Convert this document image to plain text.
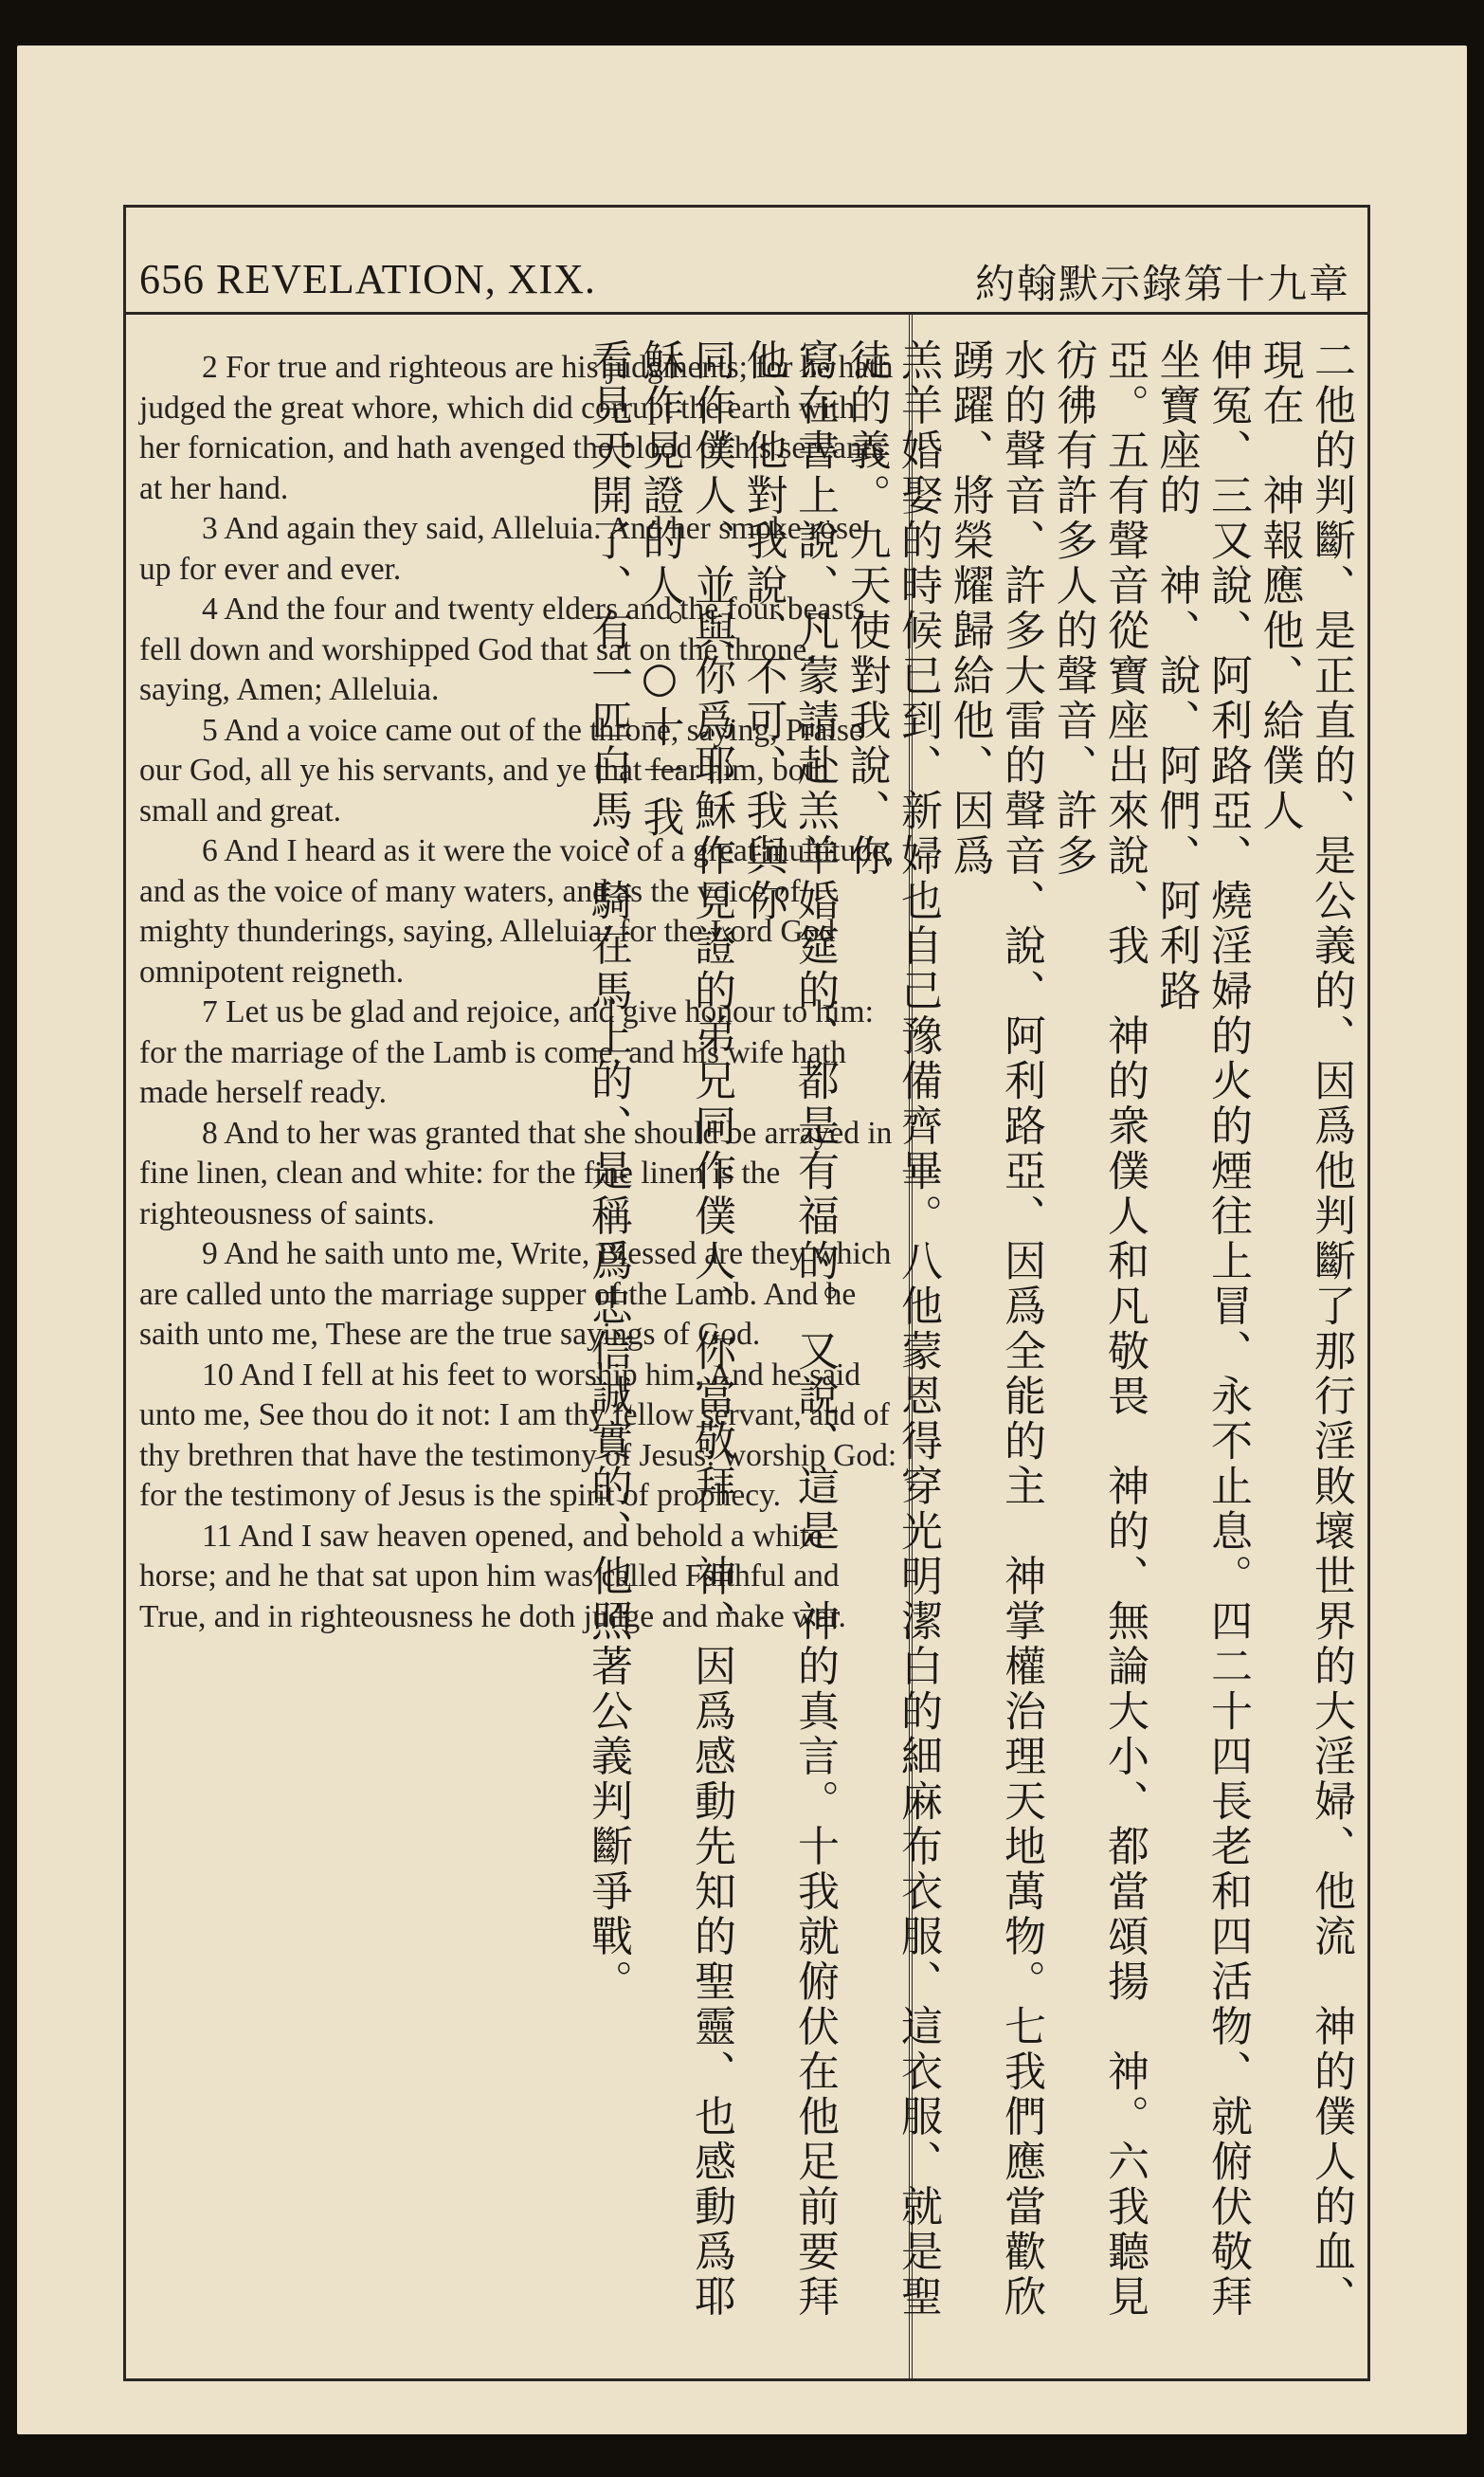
656 REVELATION, XIX.	約翰默示錄第十九章

2 For true and righteous are his judgments; for he hath judged the great whore, which did corrupt the earth with her fornication, and hath avenged the blood of his servants at her hand.

3 And again they said, Alleluia. And her smoke rose up for ever and ever.

4 And the four and twenty elders and the four beasts fell down and worshipped God that sat on the throne, saying, Amen; Alleluia.

5 And a voice came out of the throne, saying, Praise our God, all ye his servants, and ye that fear him, both small and great.

6 And I heard as it were the voice of a great multitude, and as the voice of many waters, and as the voice of mighty thunderings, saying, Alleluia: for the Lord God omnipotent reigneth.

7 Let us be glad and rejoice, and give honour to him: for the marriage of the Lamb is come, and his wife hath made herself ready.

8 And to her was granted that she should be arrayed in fine linen, clean and white: for the fine linen is the righteousness of saints.

9 And he saith unto me, Write, Blessed are they which are called unto the marriage supper of the Lamb. And he saith unto me, These are the true sayings of God.

10 And I fell at his feet to worship him. And he said unto me, See thou do it not: I am thy fellow servant, and of thy brethren that have the testimony of Jesus: worship God: for the testimony of Jesus is the spirit of prophecy.

11 And I saw heaven opened, and behold a white horse; and he that sat upon him was called Faithful and True, and in righteousness he doth judge and make war.	二他的判斷、是正直的、是公義的、因爲他判斷了那行淫敗壞世界的大淫婦、他流　神的僕人的血、現在　神報應他、給僕人
伸冤、三又說、阿利路亞、燒淫婦的火的煙往上冒、永不止息。四二十四長老和四活物、就俯伏敬拜坐寶座的　神、說、阿們、阿利路
亞。五有聲音從寶座出來說、我　神的衆僕人和凡敬畏　神的、無論大小、都當頌揚　神。六我聽見彷彿有許多人的聲音、許多
水的聲音、許多大雷的聲音、說、阿利路亞、因爲全能的主　神掌權治理天地萬物。七我們應當歡欣踴躍、將榮耀歸給他、因爲
羔羊婚娶的時候已到、新婦也自己豫備齊畢。八他蒙恩得穿光明潔白的細麻布衣服、這衣服、就是聖徒的義。九天使對我說、你
寫在書上說、凡蒙請赴羔羊婚筵的、都是有福的。又說、這是　神的真言。十我就俯伏在他足前要拜他、他對我說、不可、我與你
同作僕人、並與你爲耶穌作見證的弟兄同作僕人、你當敬拜　神、因爲感動先知的聖靈、也感動爲耶穌作見證的人。○十一我
看見天開了、有一匹白馬、騎在馬上的、是稱爲忠信誠實的、他照著公義判斷爭戰。
